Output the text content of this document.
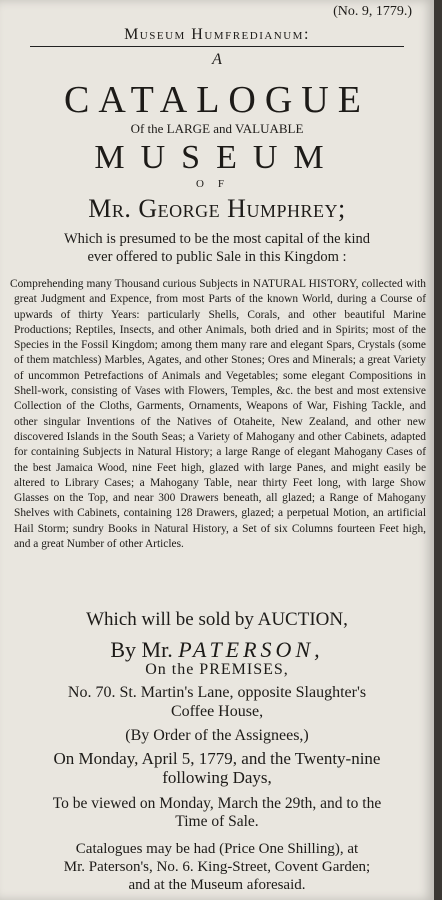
(No. 9, 1779.)
Museum Humfredianum:
A
CATALOGUE
Of the LARGE and VALUABLE
MUSEUM
OF
Mr. George Humphrey;
Which is presumed to be the most capital of the kind
ever offered to public Sale in this Kingdom :

Comprehending many Thousand curious Subjects in NATURAL HISTORY, collected with great Judgment and Expence, from most Parts of the known World, during a Course of upwards of thirty Years: particularly Shells, Corals, and other beautiful Marine Productions; Reptiles, Insects, and other Animals, both dried and in Spirits; most of the Species in the Fossil Kingdom; among them many rare and elegant Spars, Crystals (some of them matchless) Marbles, Agates, and other Stones; Ores and Minerals; a great Variety of uncommon Petrefactions of Animals and Vegetables; some elegant Compositions in Shell-work, consisting of Vases with Flowers, Temples, &c. the best and most extensive Collection of the Cloths, Garments, Ornaments, Weapons of War, Fishing Tackle, and other singular Inventions of the Natives of Otaheite, New Zealand, and other new discovered Islands in the South Seas; a Variety of Mahogany and other Cabinets, adapted for containing Subjects in Natural History; a large Range of elegant Mahogany Cases of the best Jamaica Wood, nine Feet high, glazed with large Panes, and might easily be altered to Library Cases; a Mahogany Table, near thirty Feet long, with large Show Glasses on the Top, and near 300 Drawers beneath, all glazed; a Range of Mahogany Shelves with Cabinets, containing 128 Drawers, glazed; a perpetual Motion, an artificial Hail Storm; sundry Books in Natural History, a Set of six Columns fourteen Feet high, and a great Number of other Articles.

Which will be sold by AUCTION,
By Mr. PATERSON,
On the PREMISES,
No. 70. St. Martin's Lane, opposite Slaughter's
Coffee House,
(By Order of the Assignees,)
On Monday, April 5, 1779, and the Twenty-nine
following Days,
To be viewed on Monday, March the 29th, and to the
Time of Sale.
Catalogues may be had (Price One Shilling), at
Mr. Paterson's, No. 6. King-Street, Covent Garden;
and at the Museum aforesaid.
